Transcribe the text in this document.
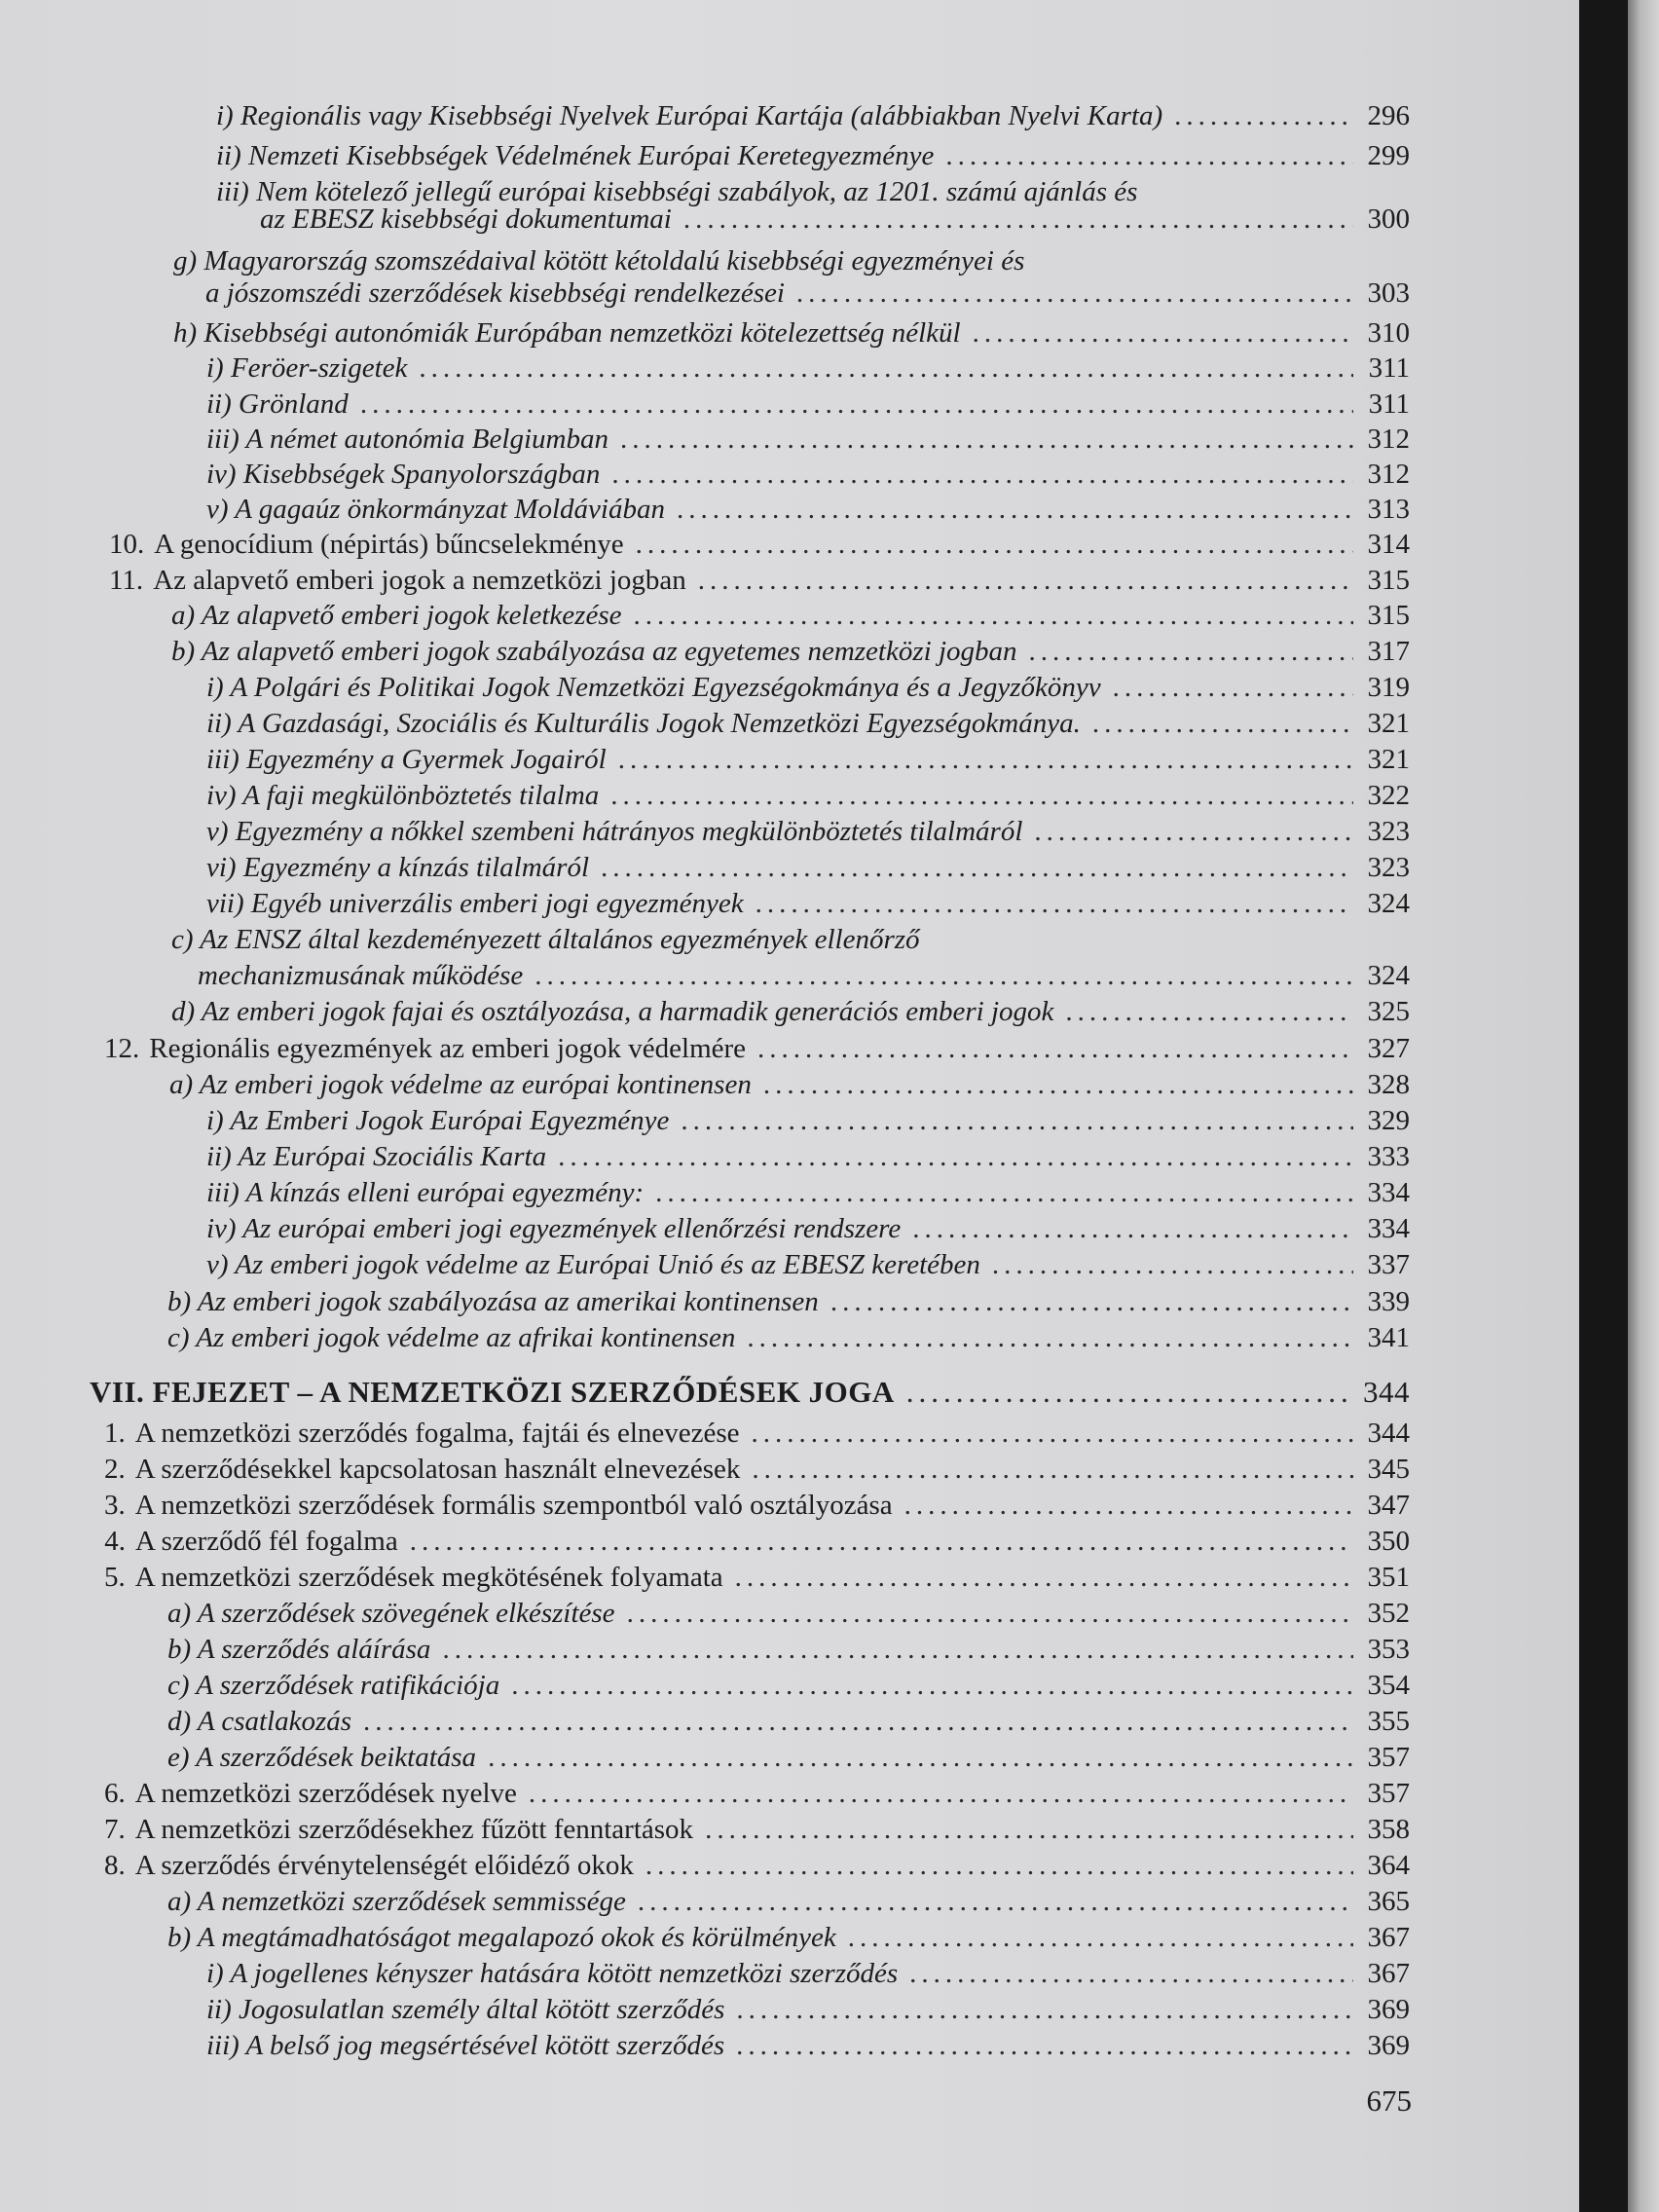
i) Regionális vagy Kisebbségi Nyelvek Európai Kartája (alábbiakban Nyelvi Karta) .....	296
ii) Nemzeti Kisebbségek Védelmének Európai Keretegyezménye .....	299
iii) Nem kötelező jellegű európai kisebbségi szabályok, az 1201. számú ajánlás és
az EBESZ kisebbségi dokumentumai .....	300
g) Magyarország szomszédaival kötött kétoldalú kisebbségi egyezményei és
a jószomszédi szerződések kisebbségi rendelkezései .....	303
h) Kisebbségi autonómiák Európában nemzetközi kötelezettség nélkül .....	310
i) Feröer-szigetek .....	311
ii) Grönland .....	311
iii) A német autonómia Belgiumban .....	312
iv) Kisebbségek Spanyolországban .....	312
v) A gagaúz önkormányzat Moldáviában .....	313
10. A genocídium (népirtás) bűncselekménye .....	314
11. Az alapvető emberi jogok a nemzetközi jogban .....	315
a) Az alapvető emberi jogok keletkezése .....	315
b) Az alapvető emberi jogok szabályozása az egyetemes nemzetközi jogban .....	317
i) A Polgári és Politikai Jogok Nemzetközi Egyezségokmánya és a Jegyzőkönyv .....	319
ii) A Gazdasági, Szociális és Kulturális Jogok Nemzetközi Egyezségokmánya. .....	321
iii) Egyezmény a Gyermek Jogairól .....	321
iv) A faji megkülönböztetés tilalma .....	322
v) Egyezmény a nőkkel szembeni hátrányos megkülönböztetés tilalmáról .....	323
vi) Egyezmény a kínzás tilalmáról .....	323
vii) Egyéb univerzális emberi jogi egyezmények .....	324
c) Az ENSZ által kezdeményezett általános egyezmények ellenőrző
mechanizmusának működése .....	324
d) Az emberi jogok fajai és osztályozása, a harmadik generációs emberi jogok .....	325
12. Regionális egyezmények az emberi jogok védelmére .....	327
a) Az emberi jogok védelme az európai kontinensen .....	328
i) Az Emberi Jogok Európai Egyezménye .....	329
ii) Az Európai Szociális Karta .....	333
iii) A kínzás elleni európai egyezmény: .....	334
iv) Az európai emberi jogi egyezmények ellenőrzési rendszere .....	334
v) Az emberi jogok védelme az Európai Unió és az EBESZ keretében .....	337
b) Az emberi jogok szabályozása az amerikai kontinensen .....	339
c) Az emberi jogok védelme az afrikai kontinensen .....	341
VII. FEJEZET – A NEMZETKÖZI SZERZŐDÉSEK JOGA .....	344
1. A nemzetközi szerződés fogalma, fajtái és elnevezése .....	344
2. A szerződésekkel kapcsolatosan használt elnevezések .....	345
3. A nemzetközi szerződések formális szempontból való osztályozása .....	347
4. A szerződő fél fogalma .....	350
5. A nemzetközi szerződések megkötésének folyamata .....	351
a) A szerződések szövegének elkészítése .....	352
b) A szerződés aláírása .....	353
c) A szerződések ratifikációja .....	354
d) A csatlakozás .....	355
e) A szerződések beiktatása .....	357
6. A nemzetközi szerződések nyelve .....	357
7. A nemzetközi szerződésekhez fűzött fenntartások .....	358
8. A szerződés érvénytelenségét előidéző okok .....	364
a) A nemzetközi szerződések semmissége .....	365
b) A megtámadhatóságot megalapozó okok és körülmények .....	367
i) A jogellenes kényszer hatására kötött nemzetközi szerződés .....	367
ii) Jogosulatlan személy által kötött szerződés .....	369
iii) A belső jog megsértésével kötött szerződés .....	369
675
